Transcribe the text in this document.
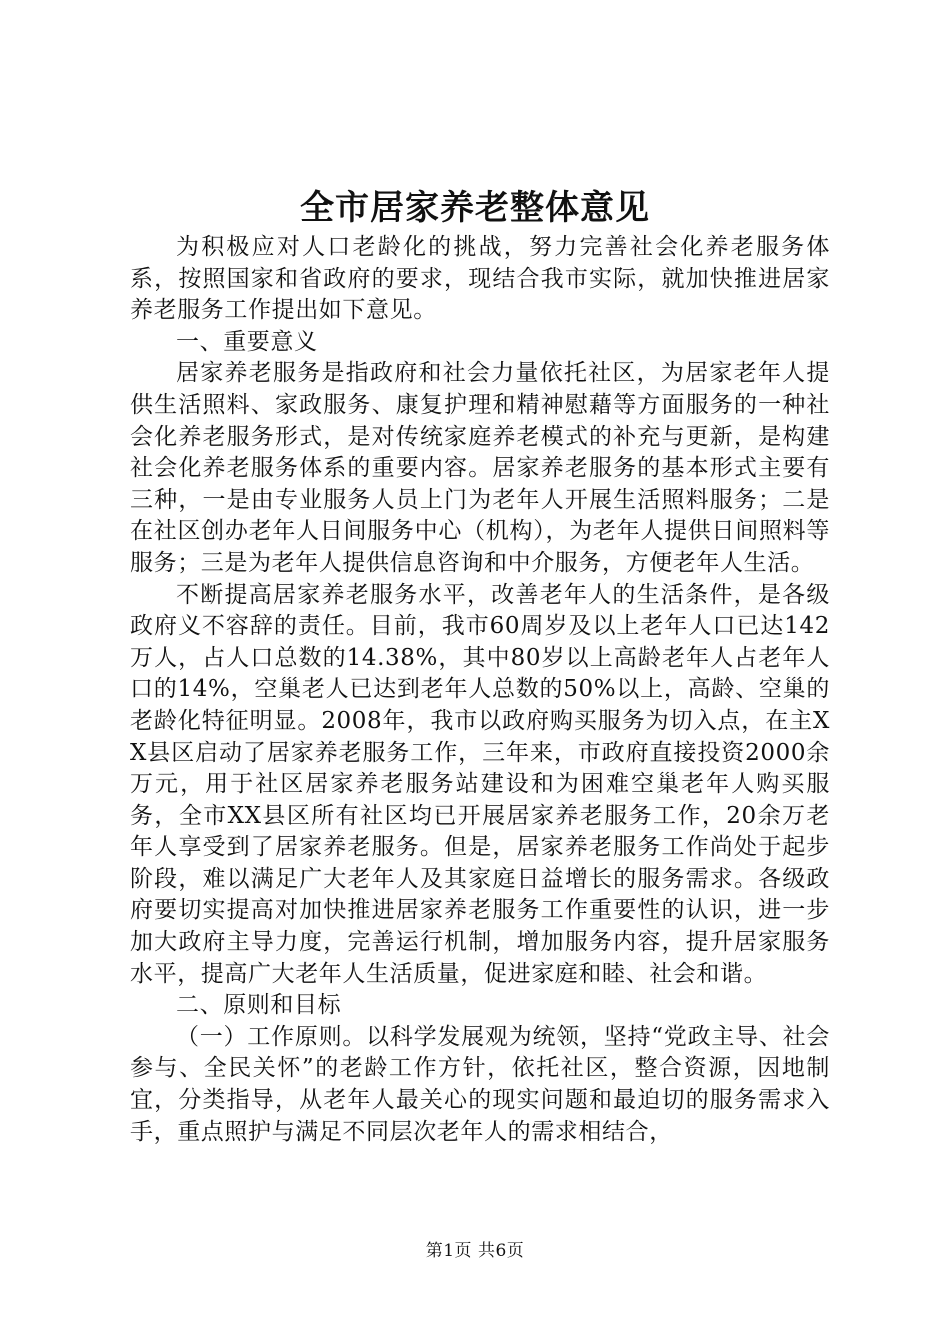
全市居家养老整体意见

为积极应对人口老龄化的挑战，努力完善社会化养老服务体系，按照国家和省政府的要求，现结合我市实际，就加快推进居家养老服务工作提出如下意见。

一、重要意义

居家养老服务是指政府和社会力量依托社区，为居家老年人提供生活照料、家政服务、康复护理和精神慰藉等方面服务的一种社会化养老服务形式，是对传统家庭养老模式的补充与更新，是构建社会化养老服务体系的重要内容。居家养老服务的基本形式主要有三种，一是由专业服务人员上门为老年人开展生活照料服务；二是在社区创办老年人日间服务中心（机构），为老年人提供日间照料等服务；三是为老年人提供信息咨询和中介服务，方便老年人生活。

不断提高居家养老服务水平，改善老年人的生活条件，是各级政府义不容辞的责任。目前，我市60周岁及以上老年人口已达142万人，占人口总数的14.38%，其中80岁以上高龄老年人占老年人口的14%，空巢老人已达到老年人总数的50%以上，高龄、空巢的老龄化特征明显。2008年，我市以政府购买服务为切入点，在主XX县区启动了居家养老服务工作，三年来，市政府直接投资2000余万元，用于社区居家养老服务站建设和为困难空巢老年人购买服务，全市XX县区所有社区均已开展居家养老服务工作，20余万老年人享受到了居家养老服务。但是，居家养老服务工作尚处于起步阶段，难以满足广大老年人及其家庭日益增长的服务需求。各级政府要切实提高对加快推进居家养老服务工作重要性的认识，进一步加大政府主导力度，完善运行机制，增加服务内容，提升居家服务水平，提高广大老年人生活质量，促进家庭和睦、社会和谐。

二、原则和目标

（一）工作原则。以科学发展观为统领，坚持“党政主导、社会参与、全民关怀”的老龄工作方针，依托社区，整合资源，因地制宜，分类指导，从老年人最关心的现实问题和最迫切的服务需求入手，重点照护与满足不同层次老年人的需求相结合，

第1页 共6页
